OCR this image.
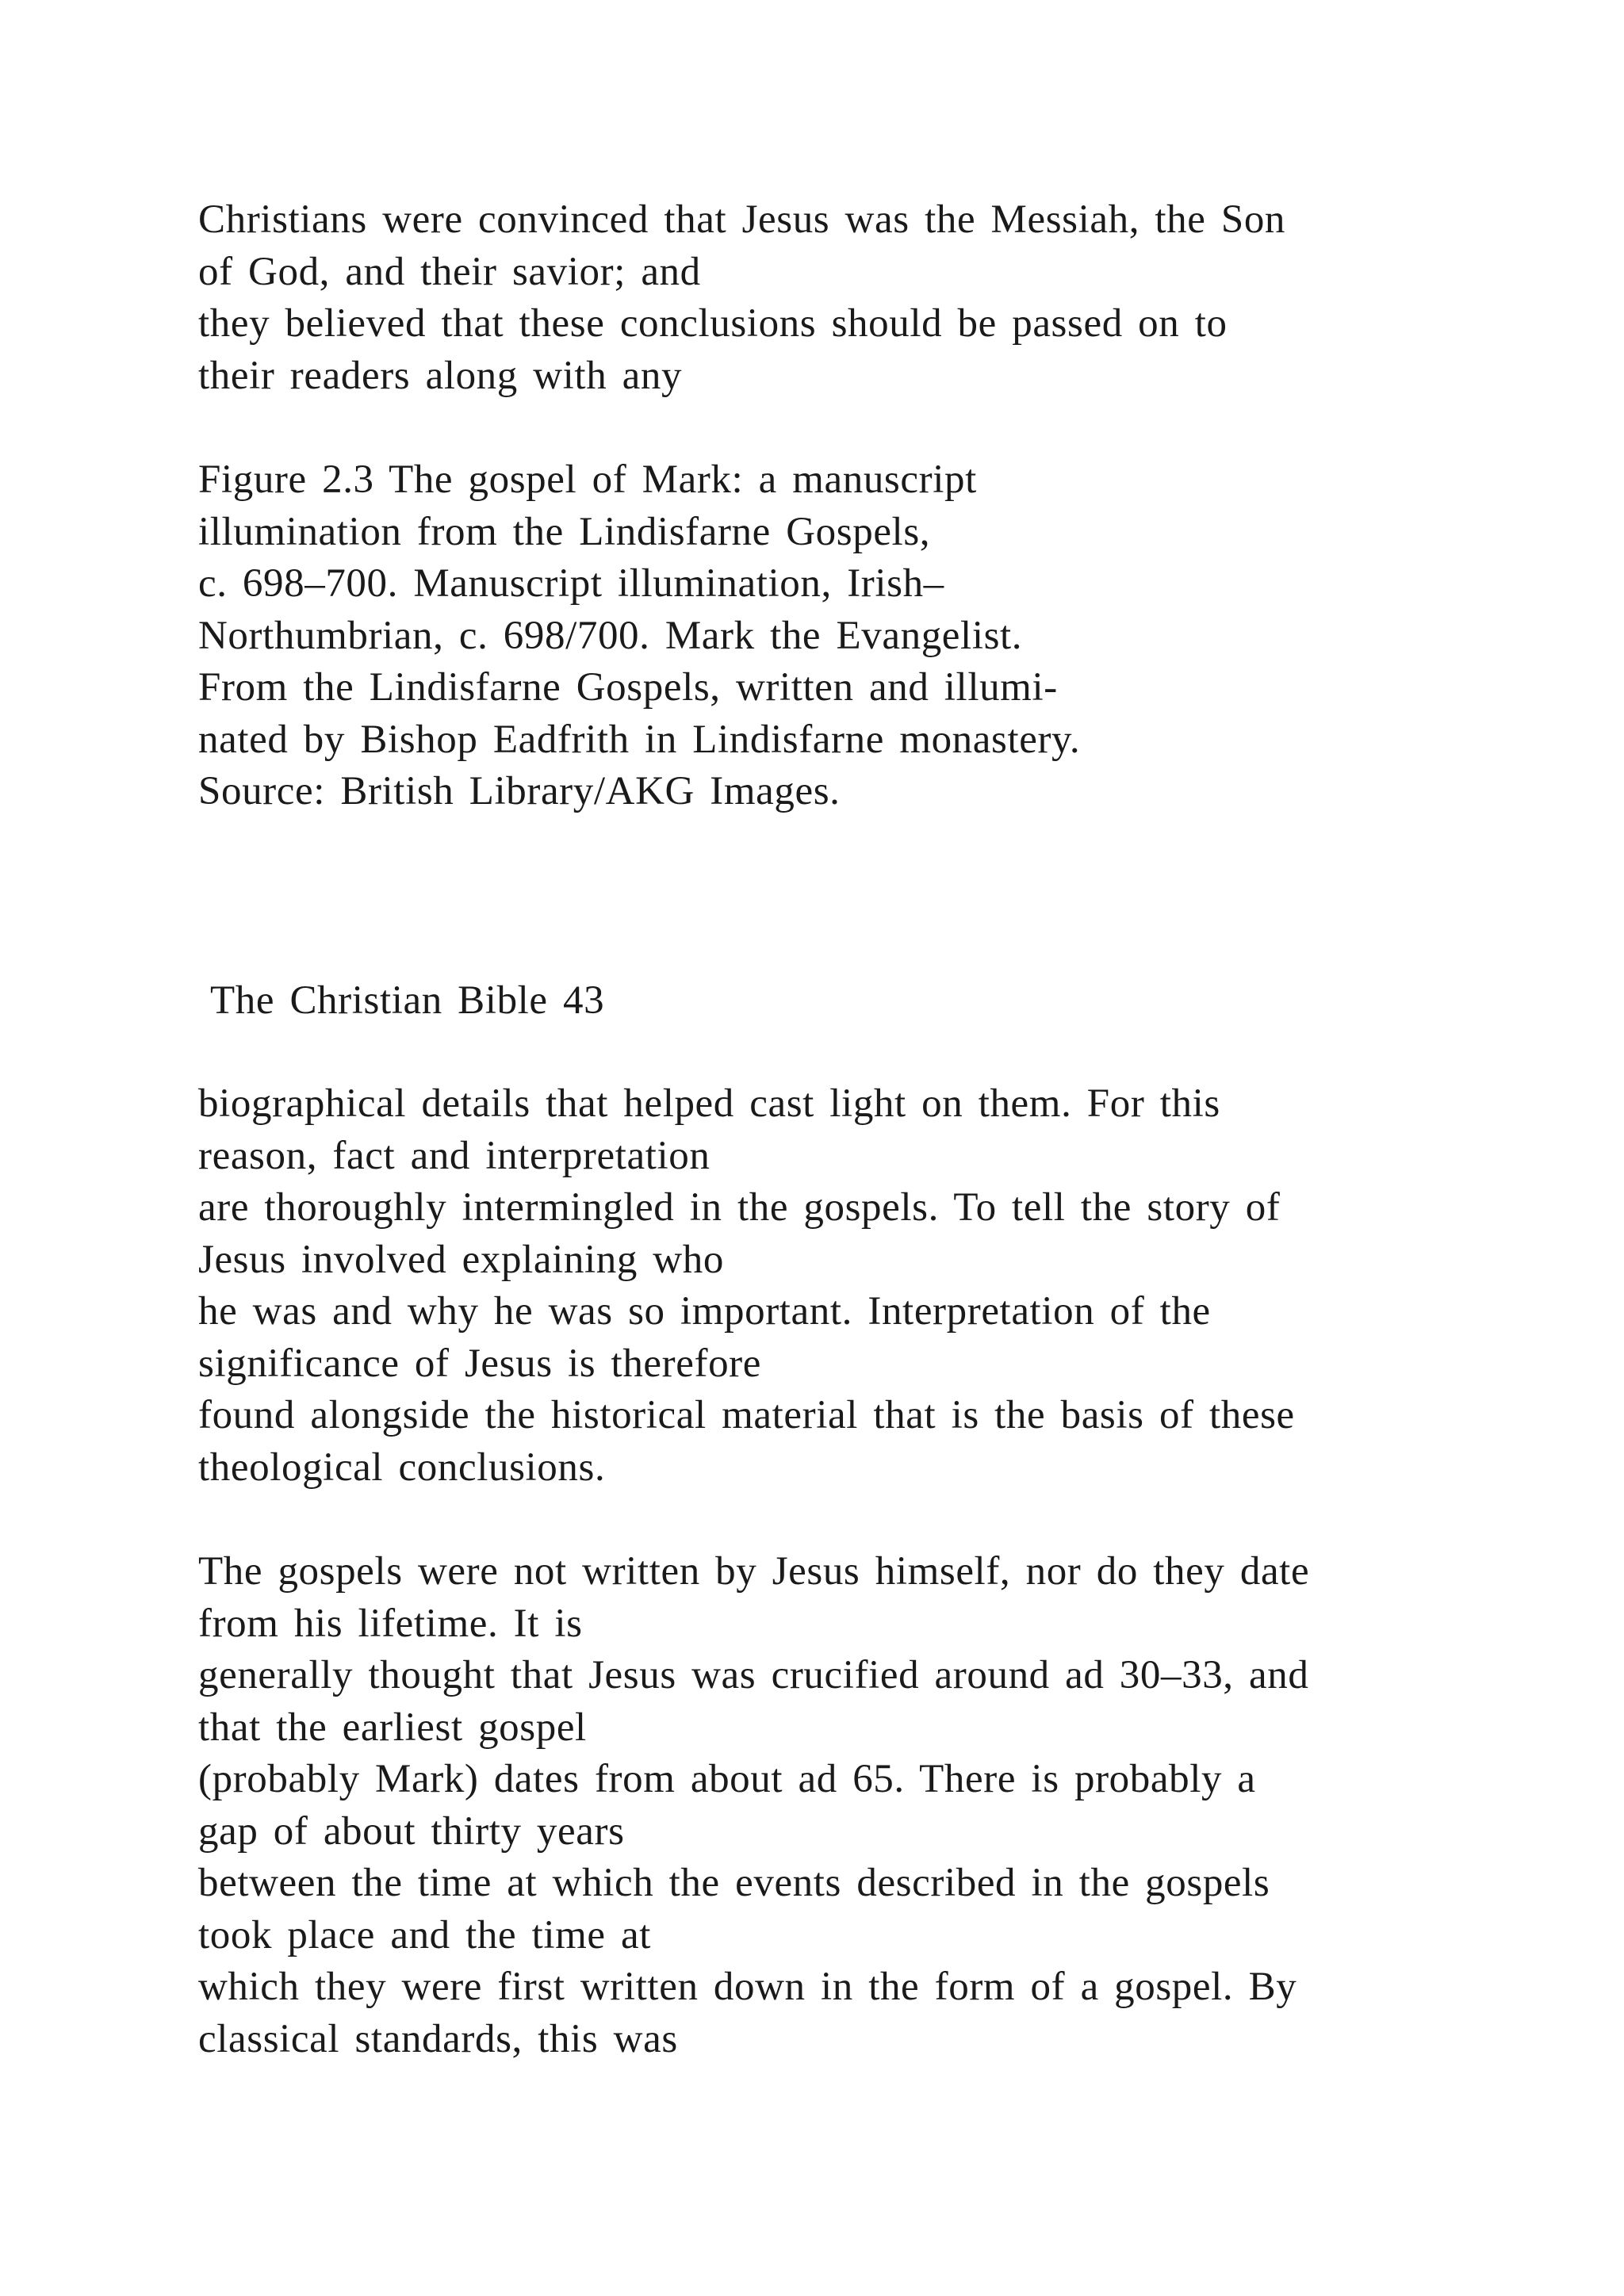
Christians were convinced that Jesus was the Messiah, the Son
of God, and their savior; and
they believed that these conclusions should be passed on to
their readers along with any
Figure 2.3 The gospel of Mark: a manuscript
illumination from the Lindisfarne Gospels,
c. 698–700. Manuscript illumination, Irish–
Northumbrian, c. 698/700. Mark the Evangelist.
From the Lindisfarne Gospels, written and illumi-
nated by Bishop Eadfrith in Lindisfarne monastery.
Source: British Library/AKG Images.
The Christian Bible 43
biographical details that helped cast light on them. For this
reason, fact and interpretation
are thoroughly intermingled in the gospels. To tell the story of
Jesus involved explaining who
he was and why he was so important. Interpretation of the
significance of Jesus is therefore
found alongside the historical material that is the basis of these
theological conclusions.
The gospels were not written by Jesus himself, nor do they date
from his lifetime. It is
generally thought that Jesus was crucified around ad 30–33, and
that the earliest gospel
(probably Mark) dates from about ad 65. There is probably a
gap of about thirty years
between the time at which the events described in the gospels
took place and the time at
which they were first written down in the form of a gospel. By
classical standards, this was
